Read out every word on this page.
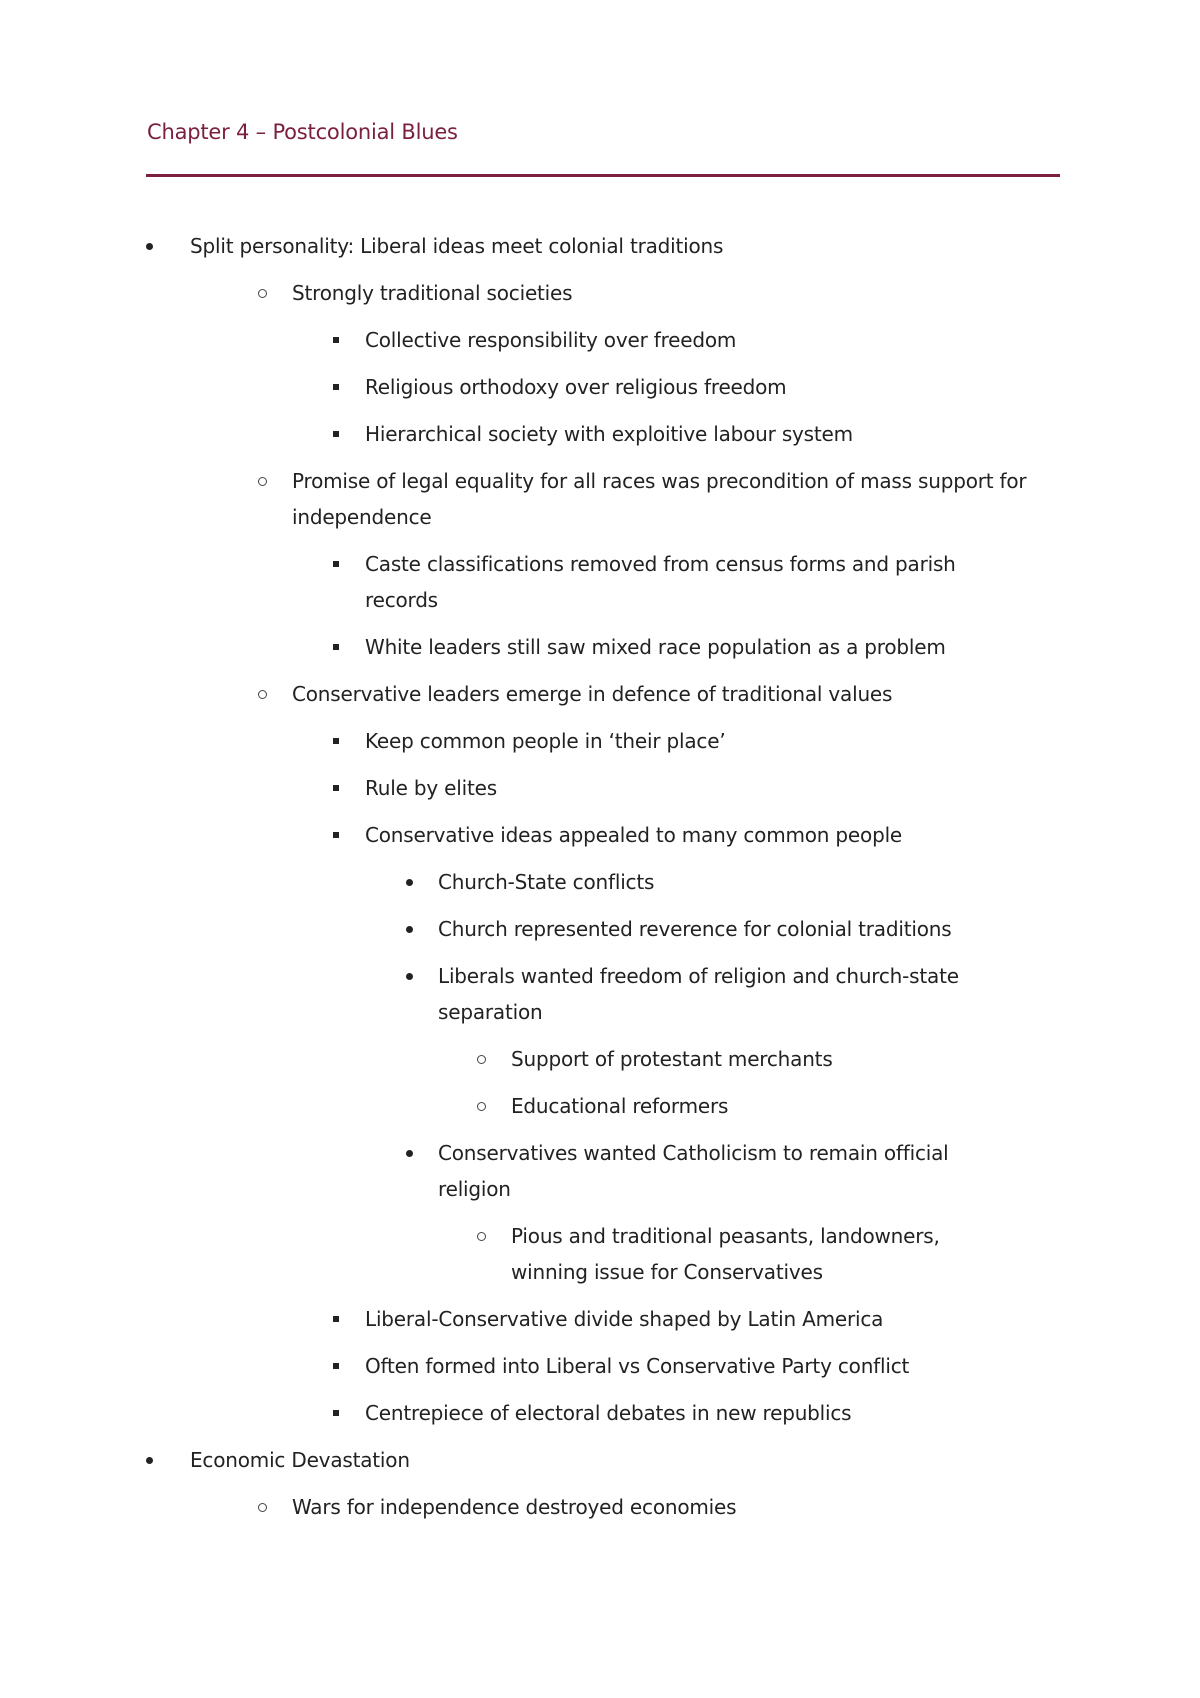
Chapter 4 – Postcolonial Blues
Split personality: Liberal ideas meet colonial traditions
Strongly traditional societies
Collective responsibility over freedom
Religious orthodoxy over religious freedom
Hierarchical society with exploitive labour system
Promise of legal equality for all races was precondition of mass support for independence
Caste classifications removed from census forms and parish records
White leaders still saw mixed race population as a problem
Conservative leaders emerge in defence of traditional values
Keep common people in ‘their place’
Rule by elites
Conservative ideas appealed to many common people
Church-State conflicts
Church represented reverence for colonial traditions
Liberals wanted freedom of religion and church-state separation
Support of protestant merchants
Educational reformers
Conservatives wanted Catholicism to remain official religion
Pious and traditional peasants, landowners, winning issue for Conservatives
Liberal-Conservative divide shaped by Latin America
Often formed into Liberal vs Conservative Party conflict
Centrepiece of electoral debates in new republics
Economic Devastation
Wars for independence destroyed economies
